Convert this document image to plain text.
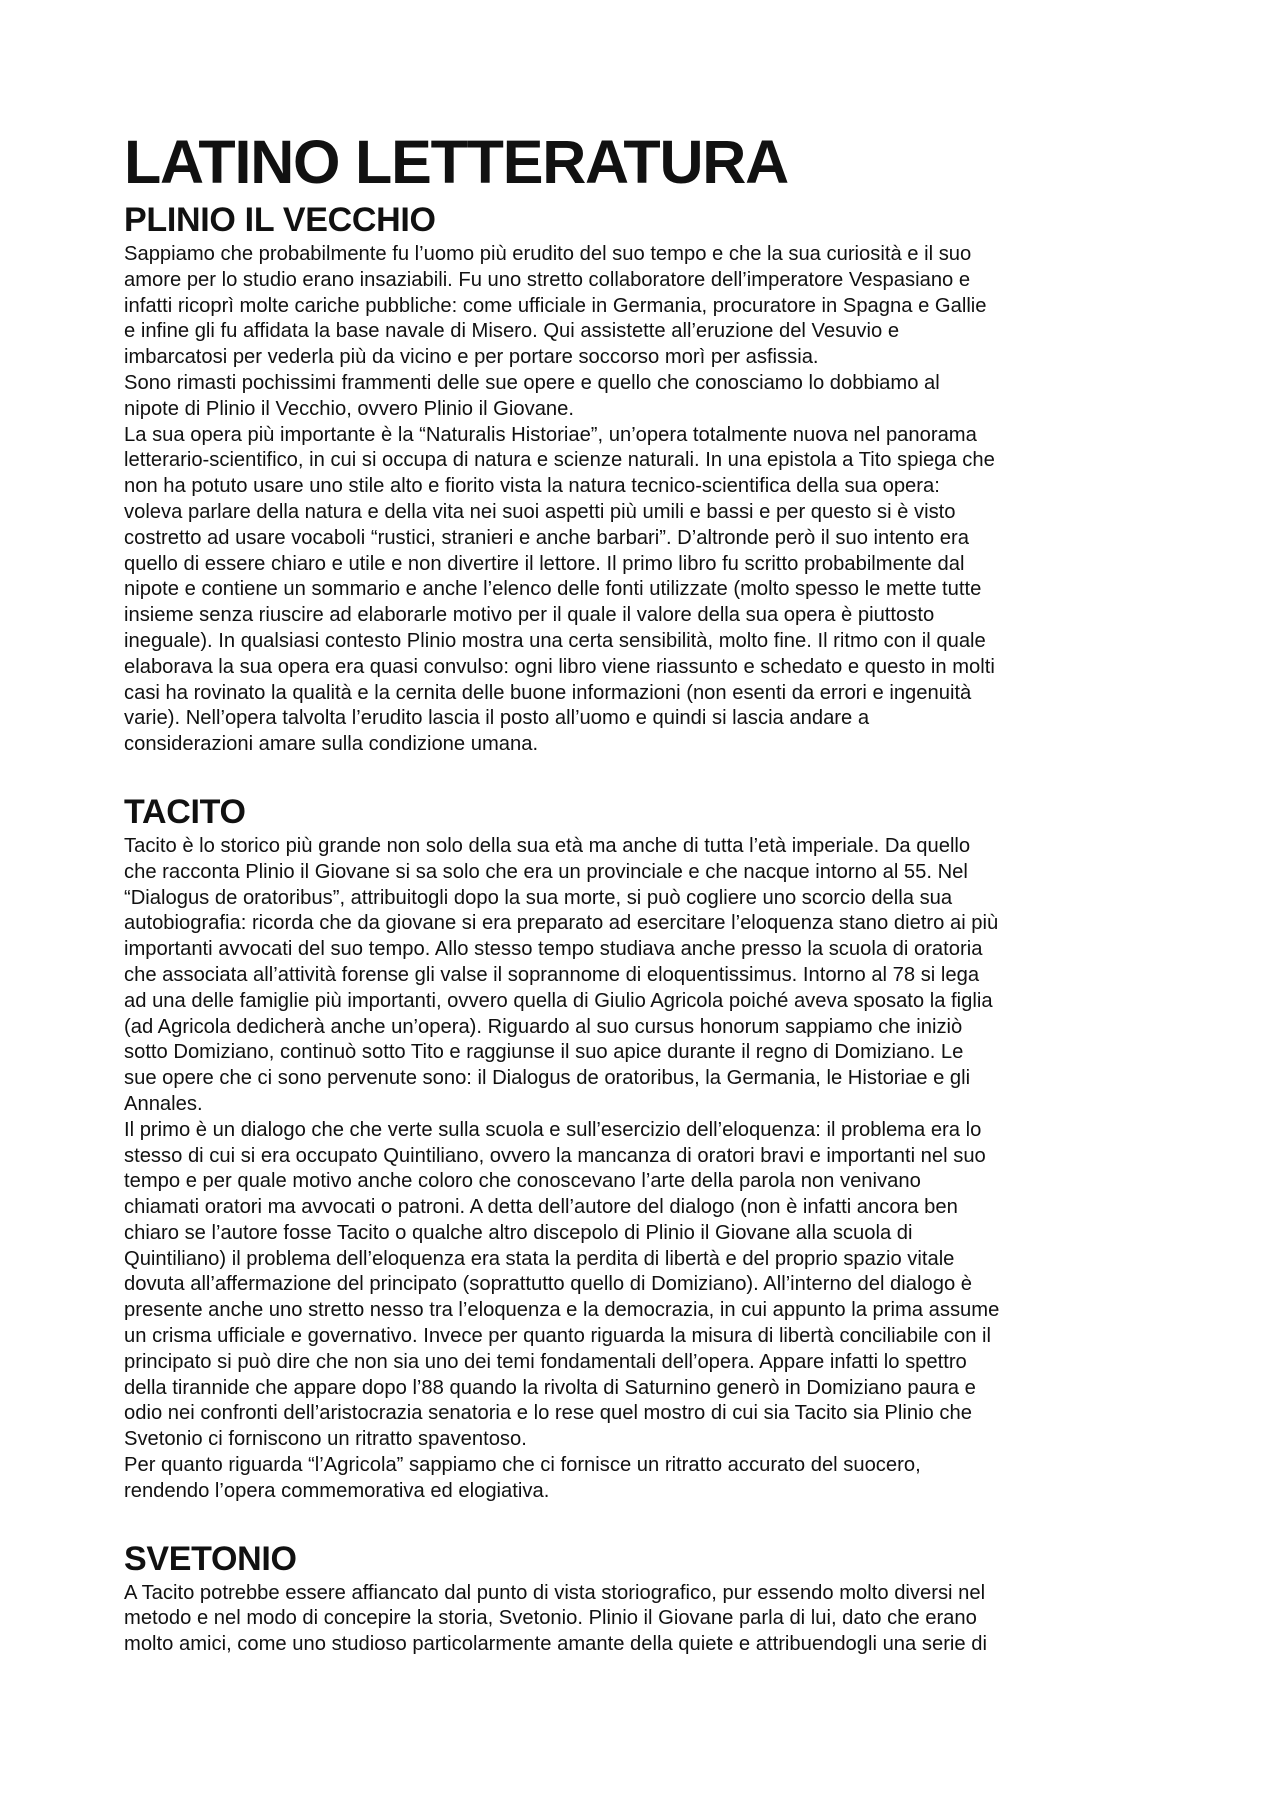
LATINO LETTERATURA
PLINIO IL VECCHIO

Sappiamo che probabilmente fu l’uomo più erudito del suo tempo e che la sua curiosità e il suo
amore per lo studio erano insaziabili. Fu uno stretto collaboratore dell’imperatore Vespasiano e
infatti ricoprì molte cariche pubbliche: come ufficiale in Germania, procuratore in Spagna e Gallie
e infine gli fu affidata la base navale di Misero. Qui assistette all’eruzione del Vesuvio e
imbarcatosi per vederla più da vicino e per portare soccorso morì per asfissia.

Sono rimasti pochissimi frammenti delle sue opere e quello che conosciamo lo dobbiamo al
nipote di Plinio il Vecchio, ovvero Plinio il Giovane.

La sua opera più importante è la “Naturalis Historiae”, un’opera totalmente nuova nel panorama
letterario-scientifico, in cui si occupa di natura e scienze naturali. In una epistola a Tito spiega che
non ha potuto usare uno stile alto e fiorito vista la natura tecnico-scientifica della sua opera:
voleva parlare della natura e della vita nei suoi aspetti più umili e bassi e per questo si è visto
costretto ad usare vocaboli “rustici, stranieri e anche barbari”. D’altronde però il suo intento era
quello di essere chiaro e utile e non divertire il lettore. Il primo libro fu scritto probabilmente dal
nipote e contiene un sommario e anche l’elenco delle fonti utilizzate (molto spesso le mette tutte
insieme senza riuscire ad elaborarle motivo per il quale il valore della sua opera è piuttosto
ineguale). In qualsiasi contesto Plinio mostra una certa sensibilità, molto fine. Il ritmo con il quale
elaborava la sua opera era quasi convulso: ogni libro viene riassunto e schedato e questo in molti
casi ha rovinato la qualità e la cernita delle buone informazioni (non esenti da errori e ingenuità
varie). Nell’opera talvolta l’erudito lascia il posto all’uomo e quindi si lascia andare a
considerazioni amare sulla condizione umana.

TACITO

Tacito è lo storico più grande non solo della sua età ma anche di tutta l’età imperiale. Da quello
che racconta Plinio il Giovane si sa solo che era un provinciale e che nacque intorno al 55. Nel
“Dialogus de oratoribus”, attribuitogli dopo la sua morte, si può cogliere uno scorcio della sua
autobiografia: ricorda che da giovane si era preparato ad esercitare l’eloquenza stano dietro ai più
importanti avvocati del suo tempo. Allo stesso tempo studiava anche presso la scuola di oratoria
che associata all’attività forense gli valse il soprannome di eloquentissimus. Intorno al 78 si lega
ad una delle famiglie più importanti, ovvero quella di Giulio Agricola poiché aveva sposato la figlia
(ad Agricola dedicherà anche un’opera). Riguardo al suo cursus honorum sappiamo che iniziò
sotto Domiziano, continuò sotto Tito e raggiunse il suo apice durante il regno di Domiziano. Le
sue opere che ci sono pervenute sono: il Dialogus de oratoribus, la Germania, le Historiae e gli
Annales.

Il primo è un dialogo che che verte sulla scuola e sull’esercizio dell’eloquenza: il problema era lo
stesso di cui si era occupato Quintiliano, ovvero la mancanza di oratori bravi e importanti nel suo
tempo e per quale motivo anche coloro che conoscevano l’arte della parola non venivano
chiamati oratori ma avvocati o patroni. A detta dell’autore del dialogo (non è infatti ancora ben
chiaro se l’autore fosse Tacito o qualche altro discepolo di Plinio il Giovane alla scuola di
Quintiliano) il problema dell’eloquenza era stata la perdita di libertà e del proprio spazio vitale
dovuta all’affermazione del principato (soprattutto quello di Domiziano). All’interno del dialogo è
presente anche uno stretto nesso tra l’eloquenza e la democrazia, in cui appunto la prima assume
un crisma ufficiale e governativo. Invece per quanto riguarda la misura di libertà conciliabile con il
principato si può dire che non sia uno dei temi fondamentali dell’opera. Appare infatti lo spettro
della tirannide che appare dopo l’88 quando la rivolta di Saturnino generò in Domiziano paura e
odio nei confronti dell’aristocrazia senatoria e lo rese quel mostro di cui sia Tacito sia Plinio che
Svetonio ci forniscono un ritratto spaventoso.

Per quanto riguarda “l’Agricola” sappiamo che ci fornisce un ritratto accurato del suocero,
rendendo l’opera commemorativa ed elogiativa.

SVETONIO

A Tacito potrebbe essere affiancato dal punto di vista storiografico, pur essendo molto diversi nel
metodo e nel modo di concepire la storia, Svetonio. Plinio il Giovane parla di lui, dato che erano
molto amici, come uno studioso particolarmente amante della quiete e attribuendogli una serie di
